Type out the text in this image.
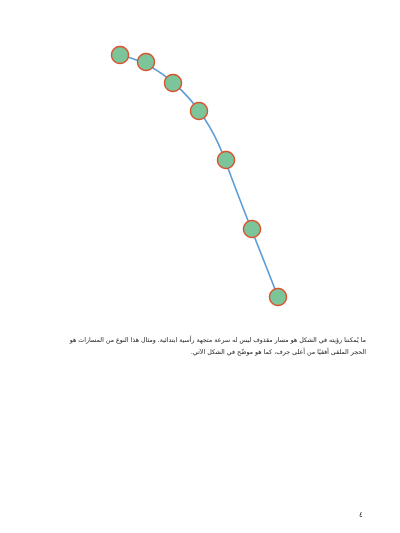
ما يُمكننا رؤيته في الشكل هو مسار مقذوف ليس له سرعة متجهة رأسية ابتدائية. ومثال هذا النوع من المسارات هو
الحجر الملقى أفقيًا من أعلى جرف، كما هو موضّح في الشكل الآتي.

٤
